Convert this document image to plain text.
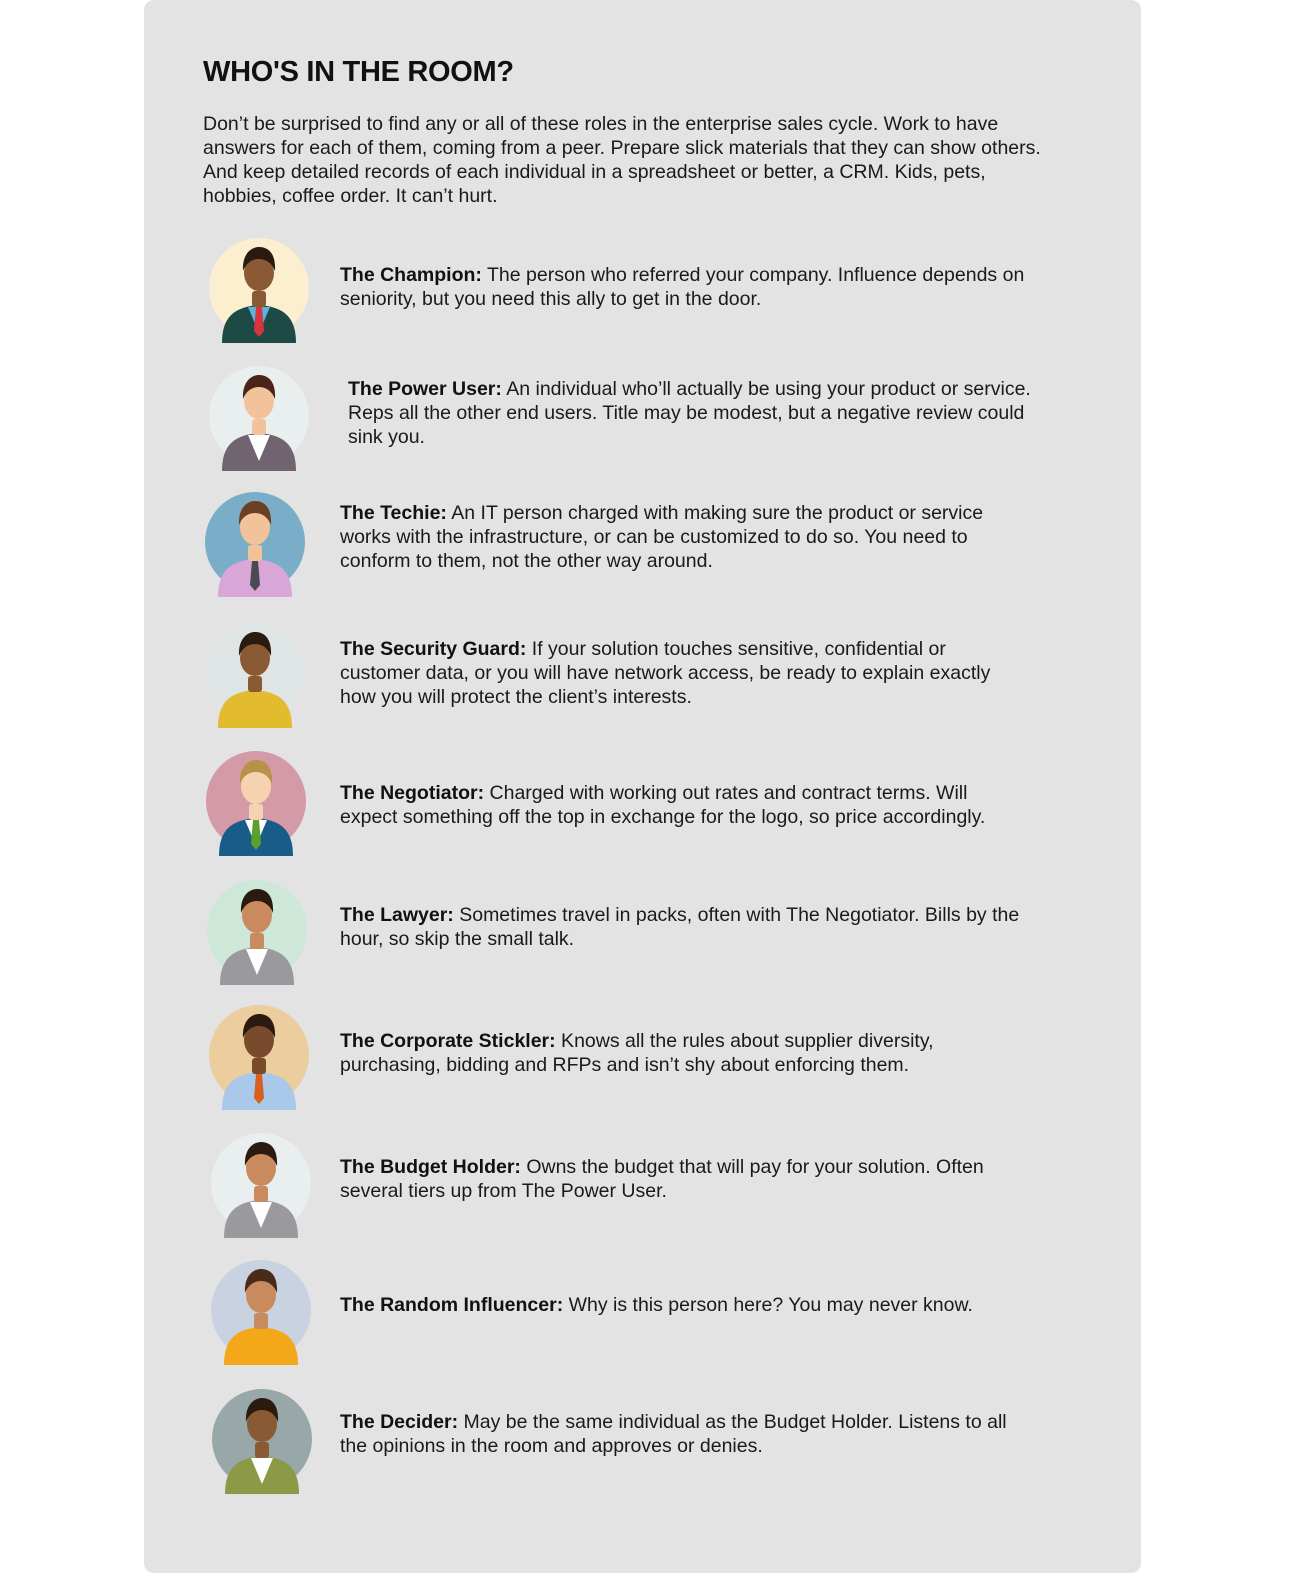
WHO'S IN THE ROOM?

Don’t be surprised to find any or all of these roles in the enterprise sales cycle. Work to have answers for each of them, coming from a peer. Prepare slick materials that they can show others. And keep detailed records of each individual in a spreadsheet or better, a CRM. Kids, pets, hobbies, coffee order. It can’t hurt.

The Champion: The person who referred your company. Influence depends on seniority, but you need this ally to get in the door.

The Power User: An individual who’ll actually be using your product or service. Reps all the other end users. Title may be modest, but a negative review could sink you.

The Techie: An IT person charged with making sure the product or service works with the infrastructure, or can be customized to do so. You need to conform to them, not the other way around.

The Security Guard: If your solution touches sensitive, confidential or customer data, or you will have network access, be ready to explain exactly how you will protect the client’s interests.

The Negotiator: Charged with working out rates and contract terms. Will expect something off the top in exchange for the logo, so price accordingly.

The Lawyer: Sometimes travel in packs, often with The Negotiator. Bills by the hour, so skip the small talk.

The Corporate Stickler: Knows all the rules about supplier diversity, purchasing, bidding and RFPs and isn’t shy about enforcing them.

The Budget Holder: Owns the budget that will pay for your solution. Often several tiers up from The Power User.

The Random Influencer: Why is this person here? You may never know.

The Decider: May be the same individual as the Budget Holder. Listens to all the opinions in the room and approves or denies.
